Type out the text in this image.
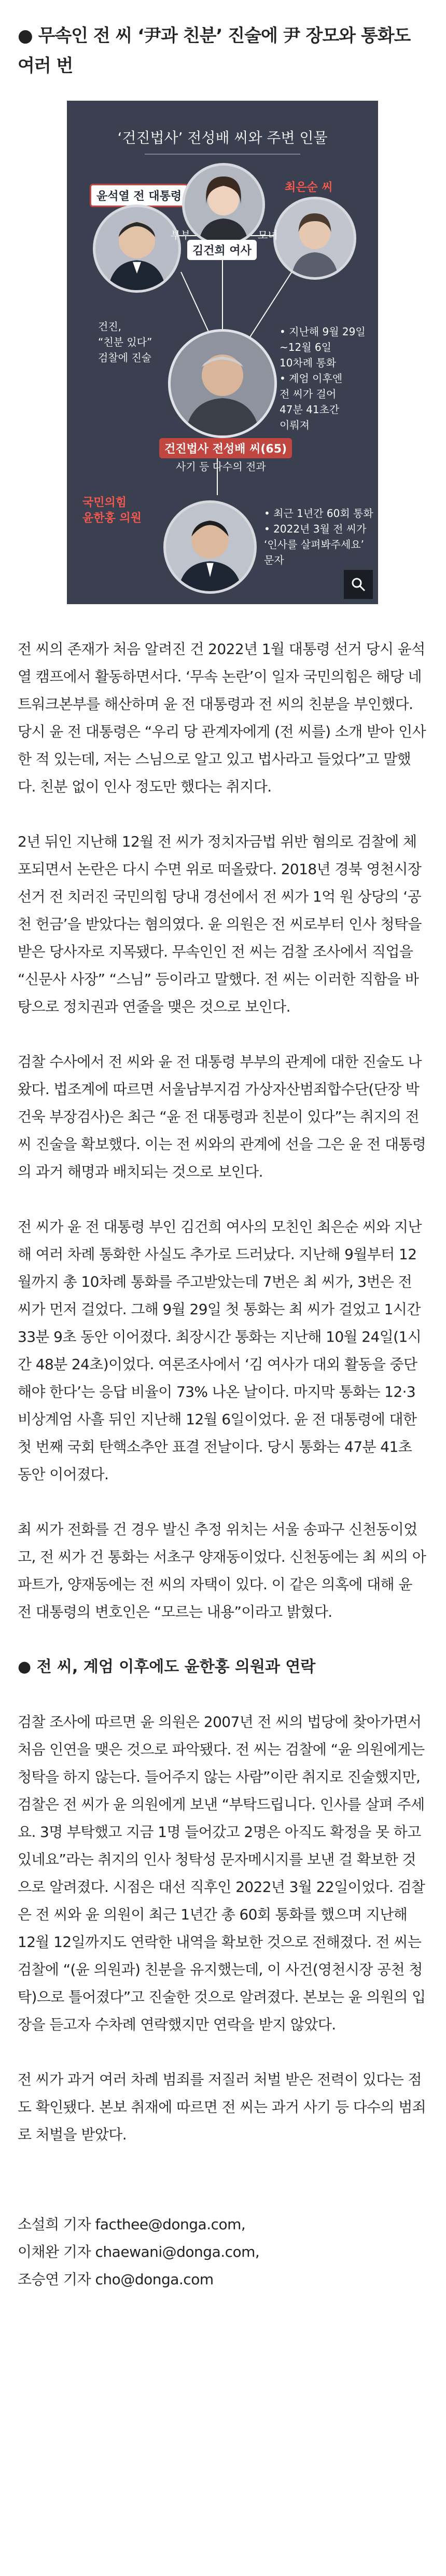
● 무속인 전 씨 ‘尹과 친분’ 진술에 尹 장모와 통화도 여러 번
‘건진법사’ 전성배 씨와 주변 인물
윤석열 전 대통령
김건희 여사
최은순 씨
부부	모녀
건진,
“친분 있다”
검찰에 진술
건진법사 전성배 씨(65)
사기 등 다수의 전과
• 지난해 9월 29일
~12월 6일
10차례 통화
• 계엄 이후엔
전 씨가 걸어
47분 41초간
이뤄져
국민의힘
윤한홍 의원	• 최근 1년간 60회 통화
• 2022년 3월 전 씨가
‘인사를 살펴봐주세요’
문자

전 씨의 존재가 처음 알려진 건 2022년 1월 대통령 선거 당시 윤석열 캠프에서 활동하면서다. ‘무속 논란’이 일자 국민의힘은 해당 네트워크본부를 해산하며 윤 전 대통령과 전 씨의 친분을 부인했다. 당시 윤 전 대통령은 “우리 당 관계자에게 (전 씨를) 소개 받아 인사한 적 있는데, 저는 스님으로 알고 있고 법사라고 들었다”고 말했다. 친분 없이 인사 정도만 했다는 취지다.

2년 뒤인 지난해 12월 전 씨가 정치자금법 위반 혐의로 검찰에 체포되면서 논란은 다시 수면 위로 떠올랐다. 2018년 경북 영천시장 선거 전 치러진 국민의힘 당내 경선에서 전 씨가 1억 원 상당의 ‘공천 헌금’을 받았다는 혐의였다. 윤 의원은 전 씨로부터 인사 청탁을 받은 당사자로 지목됐다. 무속인인 전 씨는 검찰 조사에서 직업을 “신문사 사장” “스님” 등이라고 말했다. 전 씨는 이러한 직함을 바탕으로 정치권과 연줄을 맺은 것으로 보인다.

검찰 수사에서 전 씨와 윤 전 대통령 부부의 관계에 대한 진술도 나왔다. 법조계에 따르면 서울남부지검 가상자산범죄합수단(단장 박건욱 부장검사)은 최근 “윤 전 대통령과 친분이 있다”는 취지의 전 씨 진술을 확보했다. 이는 전 씨와의 관계에 선을 그은 윤 전 대통령의 과거 해명과 배치되는 것으로 보인다.

전 씨가 윤 전 대통령 부인 김건희 여사의 모친인 최은순 씨와 지난해 여러 차례 통화한 사실도 추가로 드러났다. 지난해 9월부터 12월까지 총 10차례 통화를 주고받았는데 7번은 최 씨가, 3번은 전 씨가 먼저 걸었다. 그해 9월 29일 첫 통화는 최 씨가 걸었고 1시간 33분 9초 동안 이어졌다. 최장시간 통화는 지난해 10월 24일(1시간 48분 24초)이었다. 여론조사에서 ‘김 여사가 대외 활동을 중단해야 한다’는 응답 비율이 73% 나온 날이다. 마지막 통화는 12·3 비상계엄 사흘 뒤인 지난해 12월 6일이었다. 윤 전 대통령에 대한 첫 번째 국회 탄핵소추안 표결 전날이다. 당시 통화는 47분 41초 동안 이어졌다.

최 씨가 전화를 건 경우 발신 추정 위치는 서울 송파구 신천동이었고, 전 씨가 건 통화는 서초구 양재동이었다. 신천동에는 최 씨의 아파트가, 양재동에는 전 씨의 자택이 있다. 이 같은 의혹에 대해 윤 전 대통령의 변호인은 “모르는 내용”이라고 밝혔다.

● 전 씨, 계엄 이후에도 윤한홍 의원과 연락

검찰 조사에 따르면 윤 의원은 2007년 전 씨의 법당에 찾아가면서 처음 인연을 맺은 것으로 파악됐다. 전 씨는 검찰에 “윤 의원에게는 청탁을 하지 않는다. 들어주지 않는 사람”이란 취지로 진술했지만, 검찰은 전 씨가 윤 의원에게 보낸 “부탁드립니다. 인사를 살펴 주세요. 3명 부탁했고 지금 1명 들어갔고 2명은 아직도 확정을 못 하고 있네요”라는 취지의 인사 청탁성 문자메시지를 보낸 걸 확보한 것으로 알려졌다. 시점은 대선 직후인 2022년 3월 22일이었다. 검찰은 전 씨와 윤 의원이 최근 1년간 총 60회 통화를 했으며 지난해 12월 12일까지도 연락한 내역을 확보한 것으로 전해졌다. 전 씨는 검찰에 “(윤 의원과) 친분을 유지했는데, 이 사건(영천시장 공천 청탁)으로 틀어졌다”고 진술한 것으로 알려졌다. 본보는 윤 의원의 입장을 듣고자 수차례 연락했지만 연락을 받지 않았다.

전 씨가 과거 여러 차례 범죄를 저질러 처벌 받은 전력이 있다는 점도 확인됐다. 본보 취재에 따르면 전 씨는 과거 사기 등 다수의 범죄로 처벌을 받았다.

소설희 기자 facthee@donga.com,
이채완 기자 chaewani@donga.com,
조승연 기자 cho@donga.com
